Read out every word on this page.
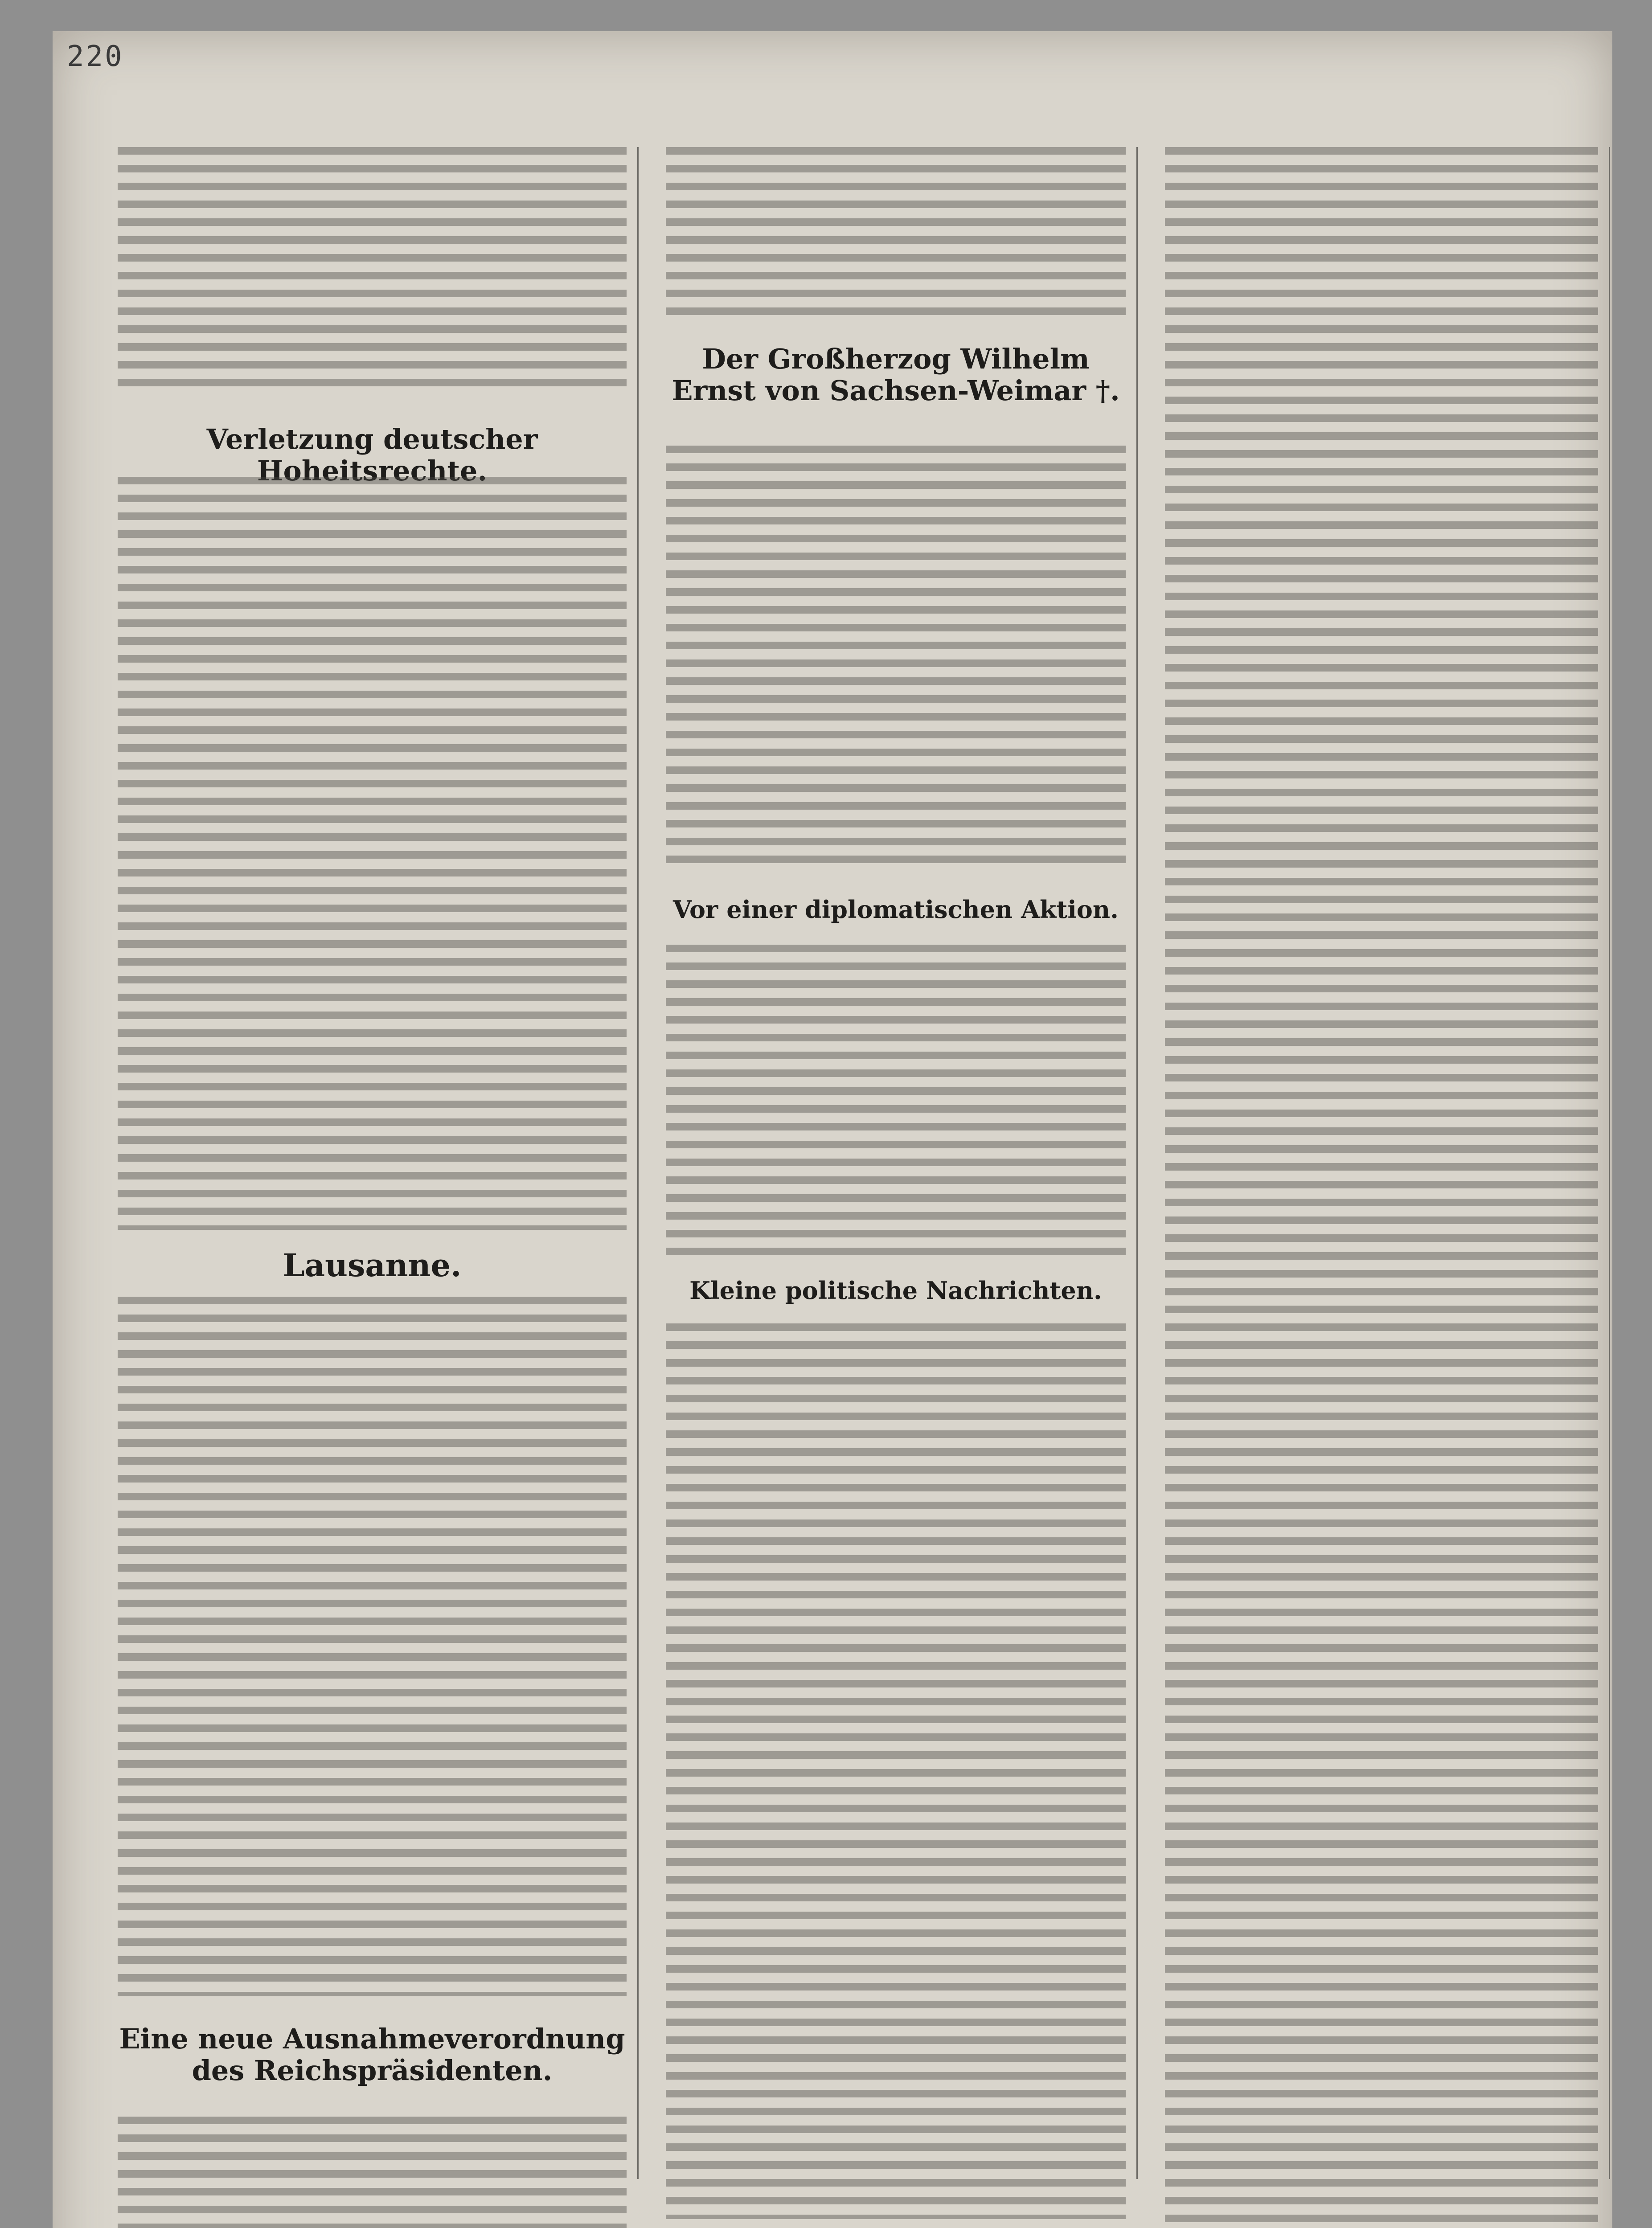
220
Verletzung deutscher Hoheitsrechte.
Lausanne.
Eine neue Ausnahmeverordnung des Reichspräsidenten.
Der Großherzog Wilhelm Ernst von Sachsen-Weimar †.
Vor einer diplomatischen Aktion.
Kleine politische Nachrichten.
